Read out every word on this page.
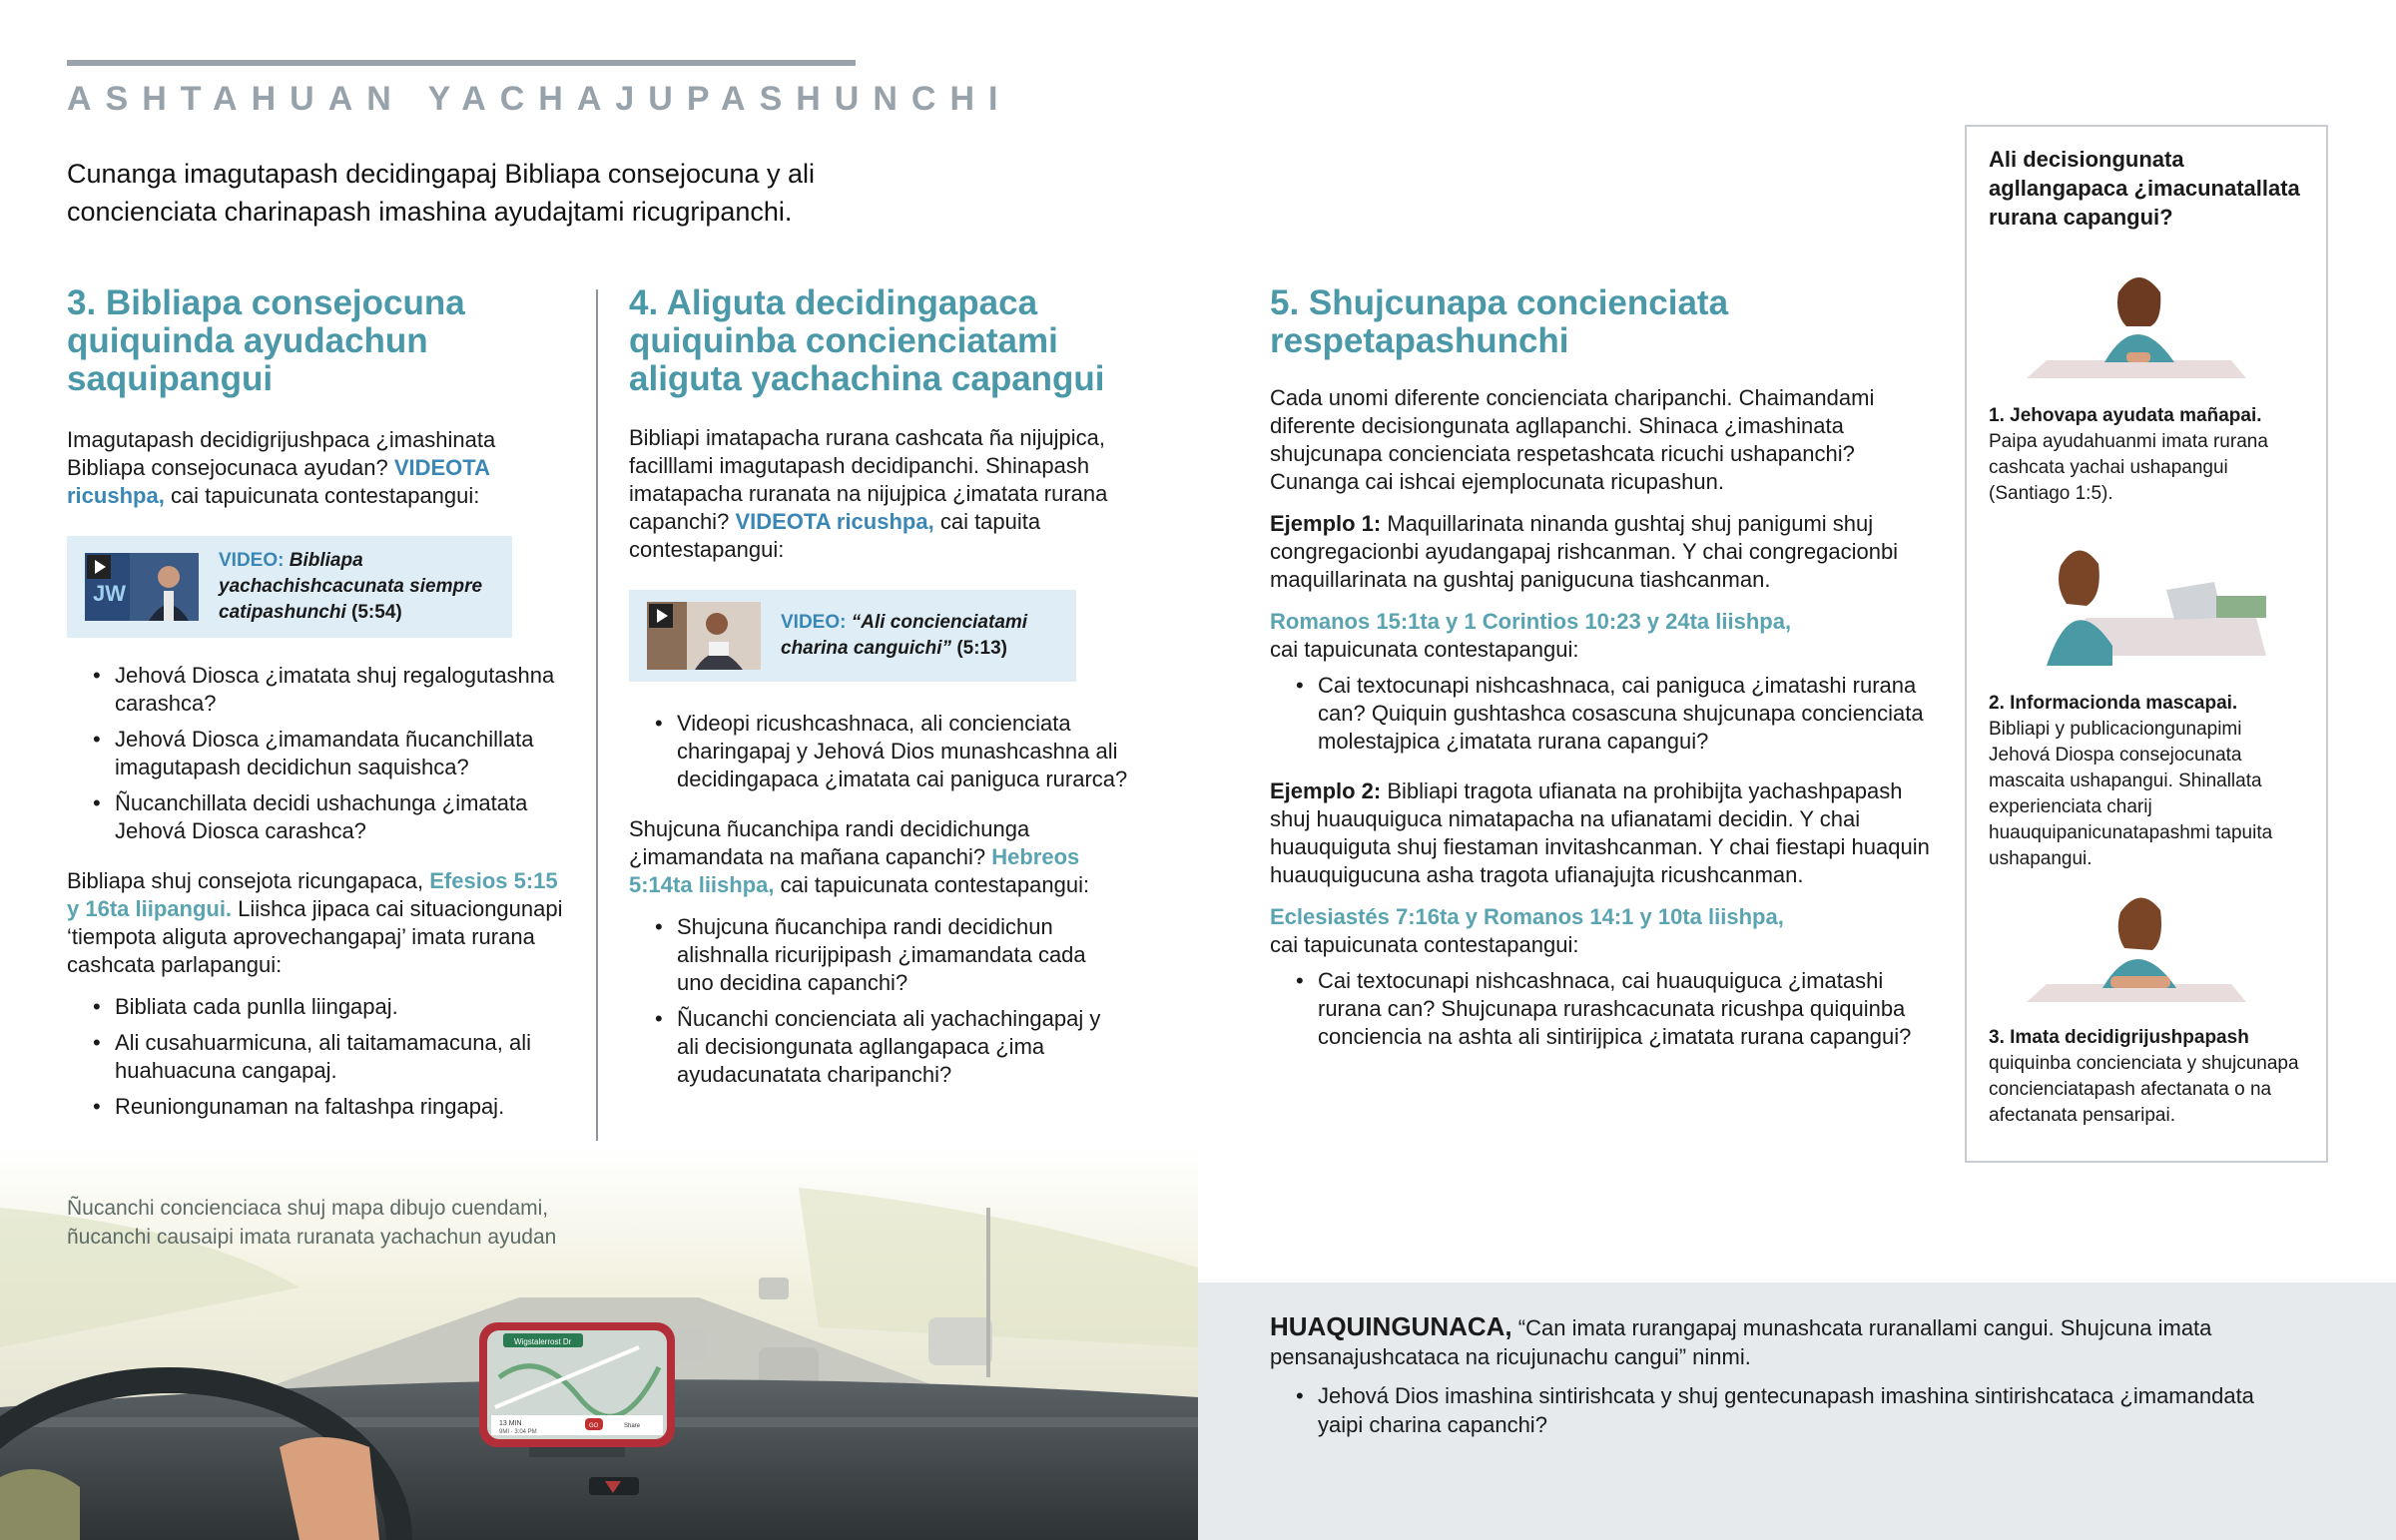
ASHTAHUAN YACHAJUPASHUNCHI
Cunanga imagutapash decidingapaj Bibliapa consejocuna y ali concienciata charinapash imashina ayudajtami ricugripanchi.
3. Bibliapa consejocuna quiquinda ayudachun saquipangui

Imagutapash decidigrijushpaca ¿imashinata Bibliapa consejocunaca ayudan? VIDEOTA ricushpa, cai tapuicunata contestapangui:

JW
VIDEO: Bibliapa yachachishcacunata siempre catipashunchi (5:54)
• Jehová Diosca ¿imatata shuj regalogutashna carashca?
• Jehová Diosca ¿imamandata ñucanchillata imagutapash decidichun saquishca?
• Ñucanchillata decidi ushachunga ¿imatata Jehová Diosca carashca?

Bibliapa shuj consejota ricungapaca, Efesios 5:15 y 16ta liipangui. Liishca jipaca cai situaciongunapi ‘tiempota aliguta aprovechangapaj’ imata rurana cashcata parlapangui:

• Bibliata cada punlla liingapaj.
• Ali cusahuarmicuna, ali taitamamacuna, ali huahuacuna cangapaj.
• Reuniongunaman na faltashpa ringapaj.
4. Aliguta decidingapaca quiquinba concienciatami aliguta yachachina capangui

Bibliapi imatapacha rurana cashcata ña nijujpica, facilllami imagutapash decidipanchi. Shinapash imatapacha ruranata na nijujpica ¿imatata rurana capanchi? VIDEOTA ricushpa, cai tapuita contestapangui:

VIDEO: “Ali concienciatami charina canguichi” (5:13)
• Videopi ricushcashnaca, ali concienciata charingapaj y Jehová Dios munashcashna ali decidingapaca ¿imatata cai paniguca rurarca?

Shujcuna ñucanchipa randi decidichunga ¿imamandata na mañana capanchi? Hebreos 5:14ta liishpa, cai tapuicunata contestapangui:

• Shujcuna ñucanchipa randi decidichun alishnalla ricurijpipash ¿imamandata cada uno decidina capanchi?
• Ñucanchi concienciata ali yachachingapaj y ali decisiongunata agllangapaca ¿ima ayudacunatata charipanchi?
5. Shujcunapa concienciata respetapashunchi

Cada unomi diferente concienciata charipanchi. Chaimandami diferente decisiongunata agllapanchi. Shinaca ¿imashinata shujcunapa concienciata respetashcata ricuchi ushapanchi? Cunanga cai ishcai ejemplocunata ricupashun.

Ejemplo 1: Maquillarinata ninanda gushtaj shuj panigumi shuj congregacionbi ayudangapaj rishcanman. Y chai congregacionbi maquillarinata na gushtaj panigucuna tiashcanman.

Romanos 15:1ta y 1 Corintios 10:23 y 24ta liishpa,
cai tapuicunata contestapangui:

• Cai textocunapi nishcashnaca, cai paniguca ¿imatashi rurana can? Quiquin gushtashca cosascuna shujcunapa concienciata molestajpica ¿imatata rurana capangui?

Ejemplo 2: Bibliapi tragota ufianata na prohibijta yachashpapash shuj huauquiguca nimatapacha na ufianatami decidin. Y chai huauquiguta shuj fiestaman invitashcanman. Y chai fiestapi huaquin huauquigucuna asha tragota ufianajujta ricushcanman.

Eclesiastés 7:16ta y Romanos 14:1 y 10ta liishpa,
cai tapuicunata contestapangui:

• Cai textocunapi nishcashnaca, cai huauquiguca ¿imatashi rurana can? Shujcunapa rurashcacunata ricushpa quiquinba conciencia na ashta ali sintirijpica ¿imatata rurana capangui?
Ali decisiongunata agllangapaca ¿imacunatallata rurana capangui?
1. Jehovapa ayudata mañapai.
Paipa ayudahuanmi imata rurana cashcata yachai ushapangui (Santiago 1:5).
2. Informacionda mascapai.
Bibliapi y publicaciongunapimi Jehová Diospa consejocunata mascaita ushapangui. Shinallata experienciata charij huauquipanicunatapashmi tapuita ushapangui.
3. Imata decidigrijushpapash
quiquinba concienciata y shujcunapa concienciatapash afectanata o na afectanata pensaripai.
Wigstalerrost Dr
13 MIN
9MI · 3:04 PM
GO	Share
Ñucanchi concienciaca shuj mapa dibujo cuendami, ñucanchi causaipi imata ruranata yachachun ayudan

HUAQUINGUNACA, “Can imata rurangapaj munashcata ruranallami cangui. Shujcuna imata pensanajushcataca na ricujunachu cangui” ninmi.

• Jehová Dios imashina sintirishcata y shuj gentecunapash imashina sintirishcataca ¿imamandata yaipi charina capanchi?
